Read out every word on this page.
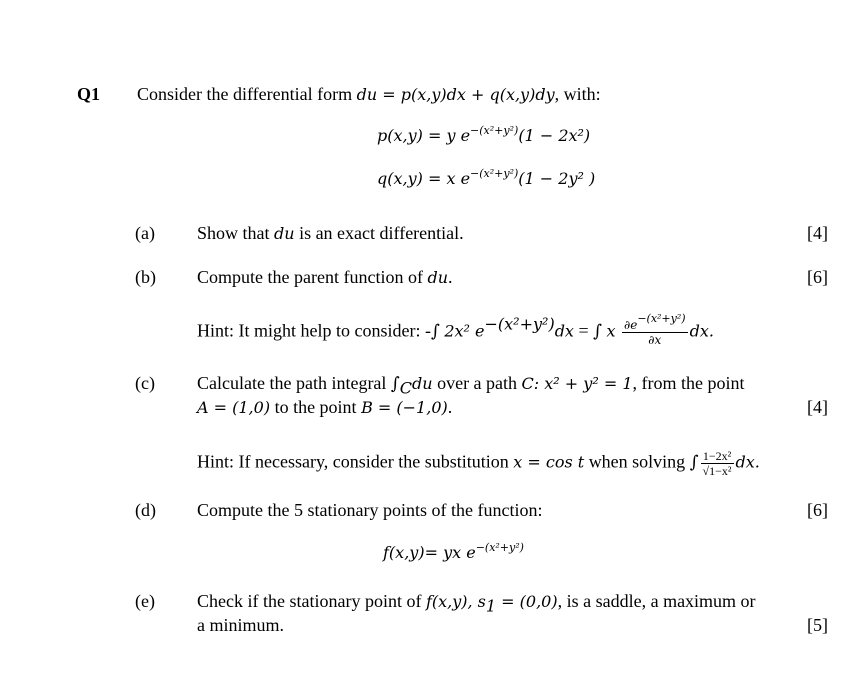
Q1 Consider the differential form du = p(x,y)dx + q(x,y)dy, with:
p(x,y) = y $e^{-(x^2+y^2)}(1 - 2x^2)$
q(x,y) = x $e^{-(x^2+y^2)}(1 - 2y^2$ )
(a) Show that du is an exact differential.	[4]
(b) Compute the parent function of du.	[6]
Hint: It might help to consider: -∫ 2x² $e^{-(x^2+y^2)}dx$ = ∫ x $\frac{\partial e^{-(x^2+y^2)}}{\partial x}$ dx.
(c) Calculate the path integral $\int_Cdu$ over a path C: x² + y² = 1, from the point
A = (1,0) to the point B = (−1,0).	[4]
Hint: If necessary, consider the substitution x = cos t when solving ∫ $\frac{\text{1−2x²}}{\text{√1−x²}}$ dx.
(d) Compute the 5 stationary points of the function:	[6]
f(x,y)= yx $e^{-(x^2+y^2)}$
(e) Check if the stationary point of f(x,y), $s_1 = (0,0)$, is a saddle, a maximum or
a minimum.	[5]
